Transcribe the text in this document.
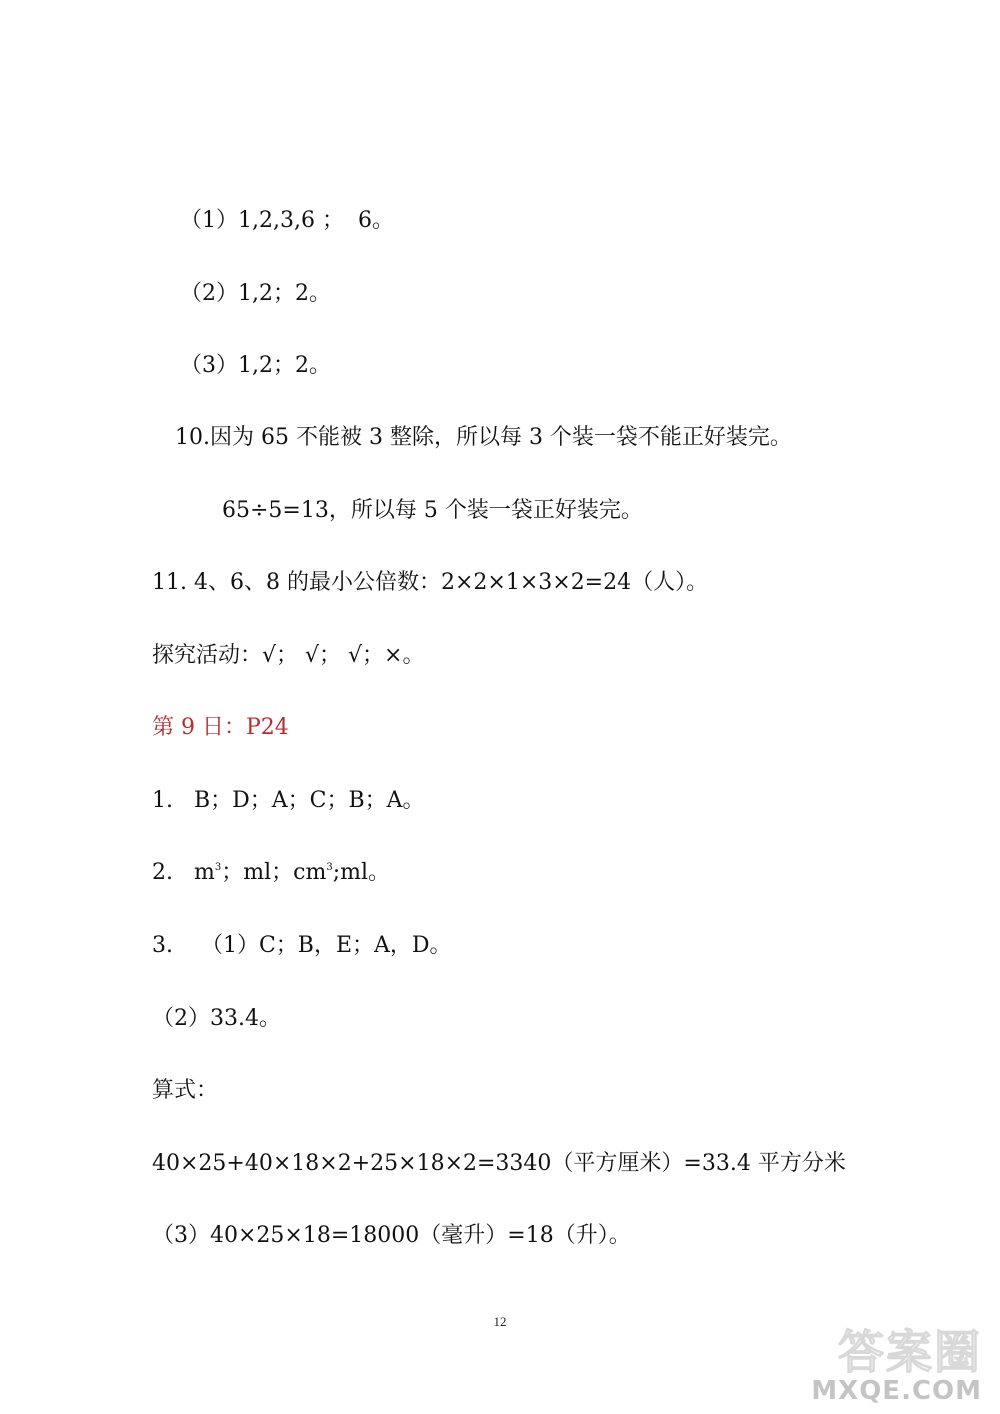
（1）1,2,3,6 ；  6。
（2）1,2；2。
（3）1,2；2。
10.因为 65 不能被 3 整除，所以每 3 个装一袋不能正好装完。
65÷5=13，所以每 5 个装一袋正好装完。
11. 4、6、8 的最小公倍数：2×2×1×3×2=24（人）。
探究活动：√； √； √；×。
第 9 日：P24
1.   B；D；A；C；B；A。
2.   $m^3$；ml；$cm^3;ml$。
3.    （1）C；B，E；A，D。
（2）33.4。
算式：
40×25+40×18×2+25×18×2=3340（平方厘米）=33.4 平方分米
（3）40×25×18=18000（毫升）=18（升）。
12
答案圈
MXQE.COM
